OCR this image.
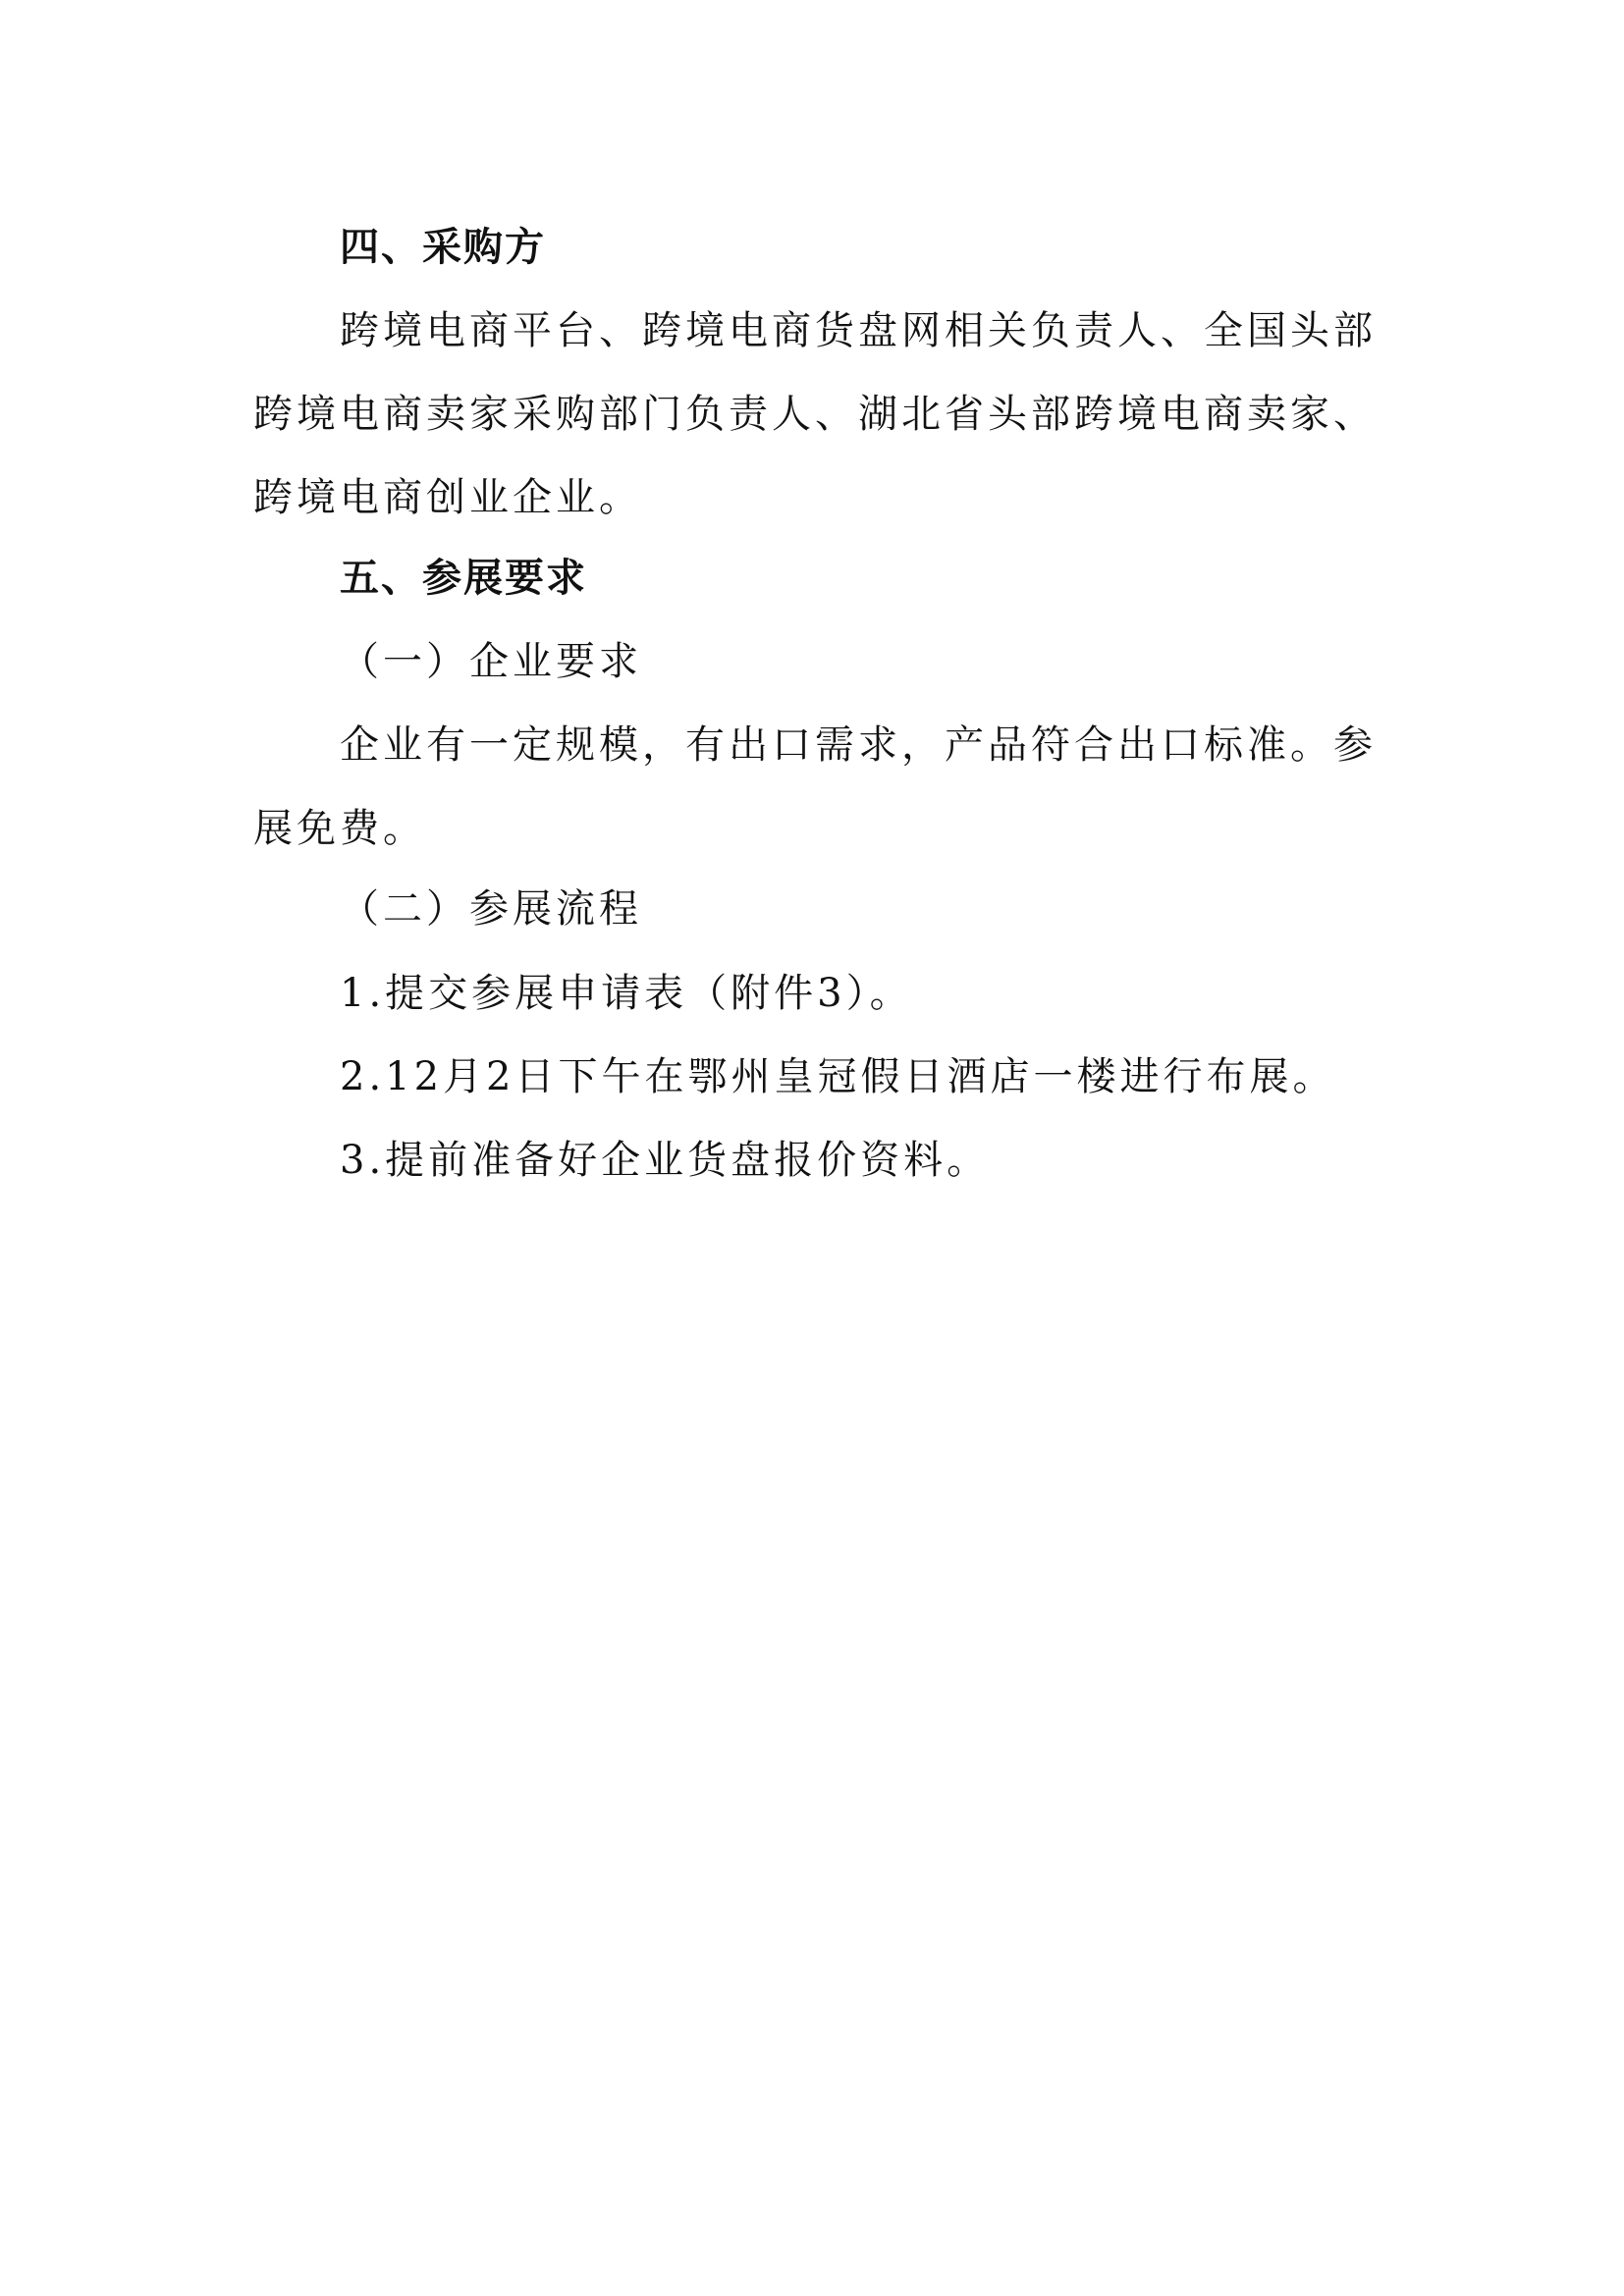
四、采购方
跨境电商平台、跨境电商货盘网相关负责人、全国头部
跨境电商卖家采购部门负责人、湖北省头部跨境电商卖家、
跨境电商创业企业。
五、参展要求
（一）企业要求
企业有一定规模，有出口需求，产品符合出口标准。参
展免费。
（二）参展流程
1.提交参展申请表（附件3）。
2.12月2日下午在鄂州皇冠假日酒店一楼进行布展。
3.提前准备好企业货盘报价资料。
